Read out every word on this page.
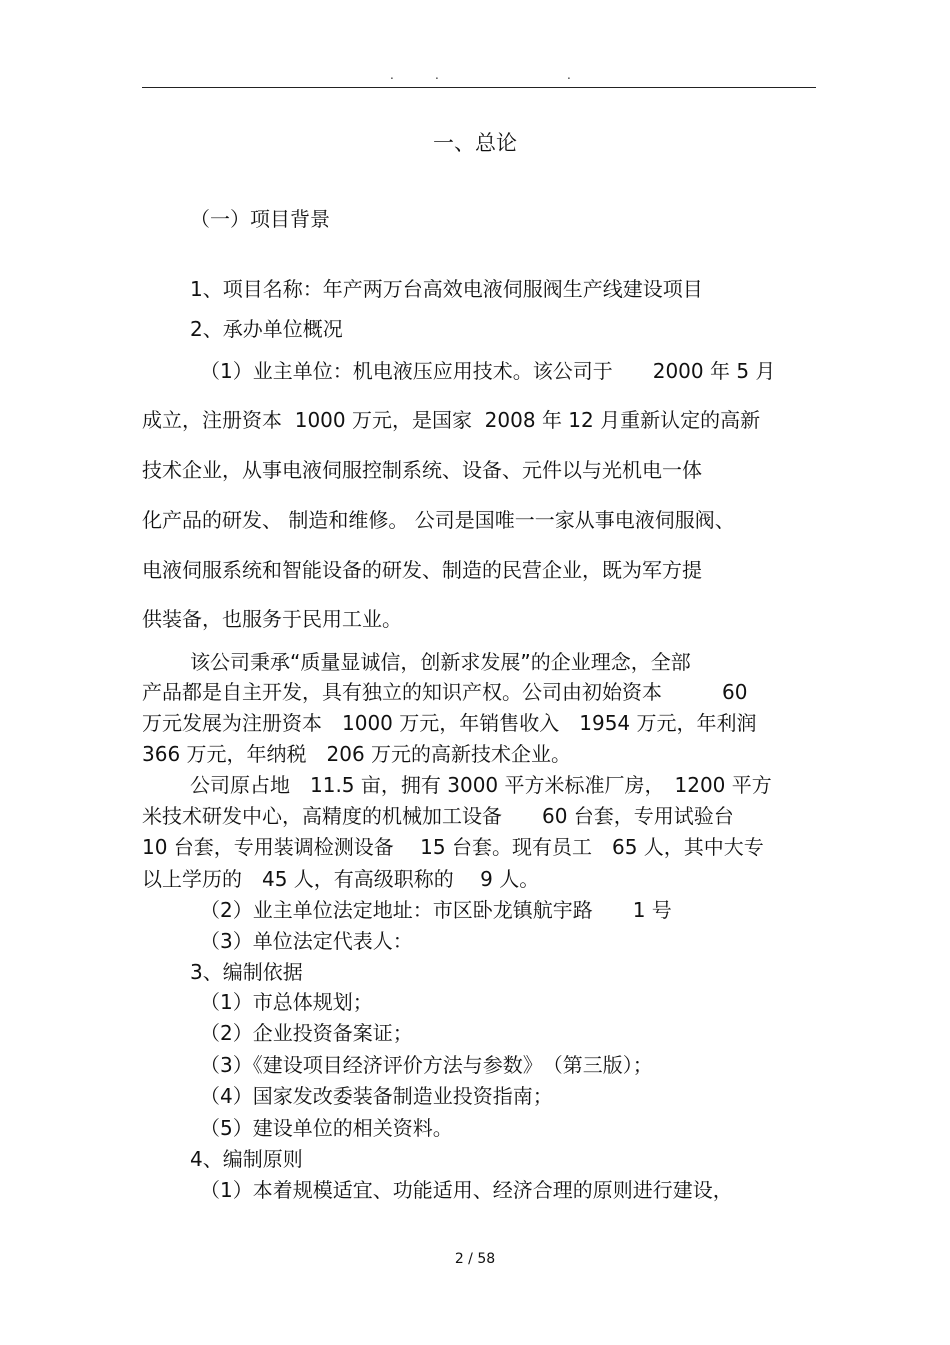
.	.	.
一、总论
（一）项目背景
1、项目名称：年产两万台高效电液伺服阀生产线建设项目
2、承办单位概况
（1）业主单位：机电液压应用技术。该公司于　　2000 年 5 月
成立，注册资本  1000 万元，是国家  2008 年 12 月重新认定的高新
技术企业，从事电液伺服控制系统、设备、元件以与光机电一体
化产品的研发、 制造和维修。 公司是国唯一一家从事电液伺服阀、
电液伺服系统和智能设备的研发、制造的民营企业，既为军方提
供装备，也服务于民用工业。
该公司秉承“质量显诚信，创新求发展”的企业理念，全部
产品都是自主开发，具有独立的知识产权。公司由初始资本　　　60
万元发展为注册资本　1000 万元，年销售收入　1954 万元，年利润
366 万元，年纳税　206 万元的高新技术企业。
公司原占地　11.5 亩，拥有 3000 平方米标准厂房，　1200 平方
米技术研发中心，高精度的机械加工设备　　60 台套，专用试验台
10 台套，专用装调检测设备　 15 台套。现有员工　65 人，其中大专
以上学历的　45 人，有高级职称的　 9 人。
（2）业主单位法定地址：市区卧龙镇航宇路　　1 号
（3）单位法定代表人：
3、编制依据
（1）市总体规划；
（2）企业投资备案证；
（3）《建设项目经济评价方法与参数》　（第三版）；
（4）国家发改委装备制造业投资指南；
（5）建设单位的相关资料。
4、编制原则
（1）本着规模适宜、功能适用、经济合理的原则进行建设，
2 / 58
